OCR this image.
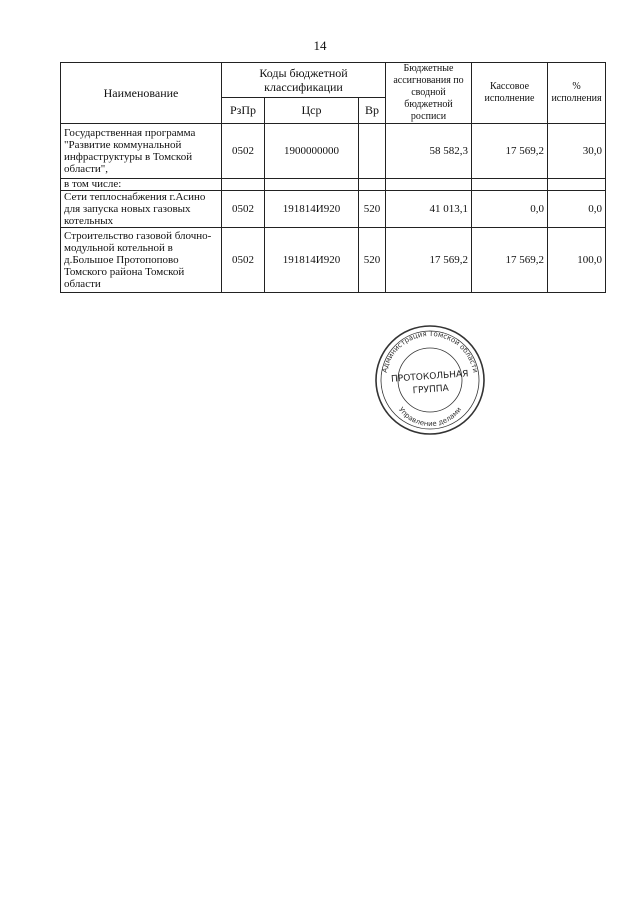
14
Наименование	Коды бюджетной классификации			Бюджетные ассигнования по сводной бюджетной росписи	Кассовое исполнение	% исполнения
	РзПр	Цср	Вр			
Государственная программа "Развитие коммунальной инфраструктуры в Томской области",	0502	1900000000		58 582,3	17 569,2	30,0
в том числе:						
Сети теплоснабжения г.Асино для запуска новых газовых котельных	0502	191814И920	520	41 013,1	0,0	0,0
Строительство газовой блочно-модульной котельной в д.Большое Протопопово Томского района Томской области	0502	191814И920	520	17 569,2	17 569,2	100,0
Администрация Томской области
Управление делами
ПРОТОКОЛЬНАЯ
ГРУППА
